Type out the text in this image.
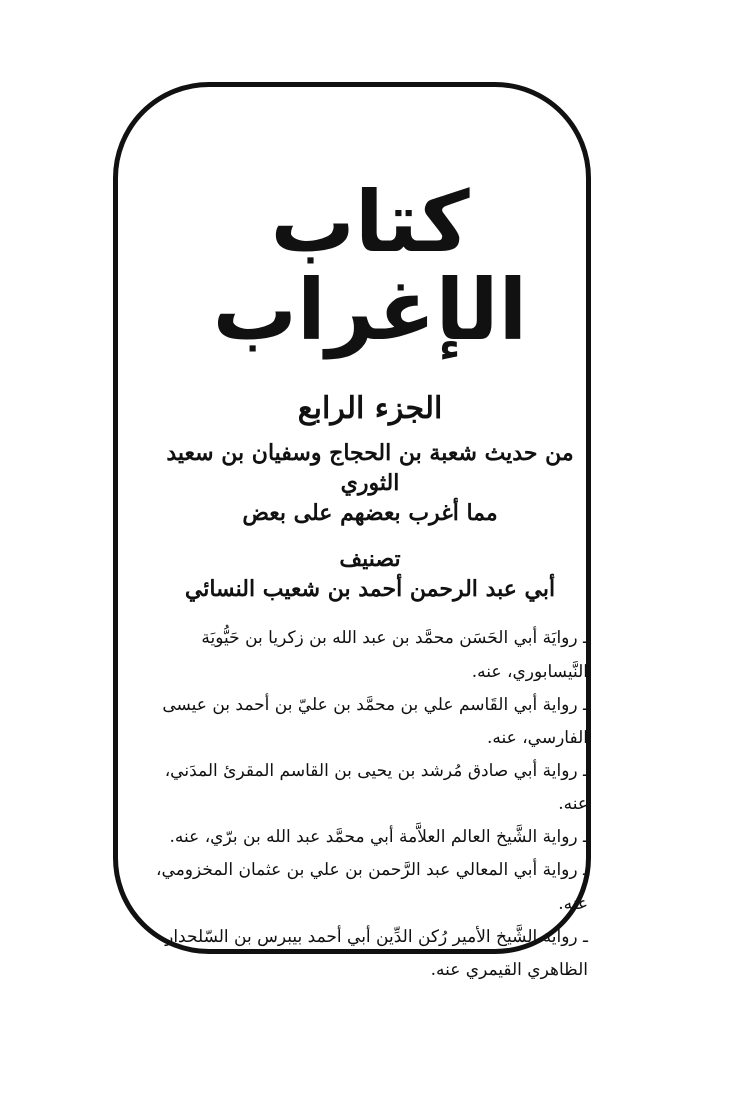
كتاب الإغراب
الجزء الرابع
من حديث شعبة بن الحجاج وسفيان بن سعيد الثوري
مما أغرب بعضهم على بعض
تصنيف
أبي عبد الرحمن أحمد بن شعيب النسائي
ـ روايَة أبي الحَسَن محمَّد بن عبد الله بن زكريا بن حَيُّويَة النَّيسابوري، عنه.
ـ رواية أبي القَاسم علي بن محمَّد بن عليّ بن أحمد بن عيسى الفارسي، عنه.
ـ رواية أبي صادق مُرشد بن يحيى بن القاسم المقرئ المدَني، عنه.
ـ رواية الشَّيخ العالم العلاَّمة أبي محمَّد عبد الله بن برّي، عنه.
ـ رواية أبي المعالي عبد الرَّحمن بن علي بن عثمان المخزومي، عنه.
ـ رواية الشَّيخ الأمير رُكن الدِّين أبي أحمد بيبرس بن السّلحدار الظاهري القيمري عنه.
